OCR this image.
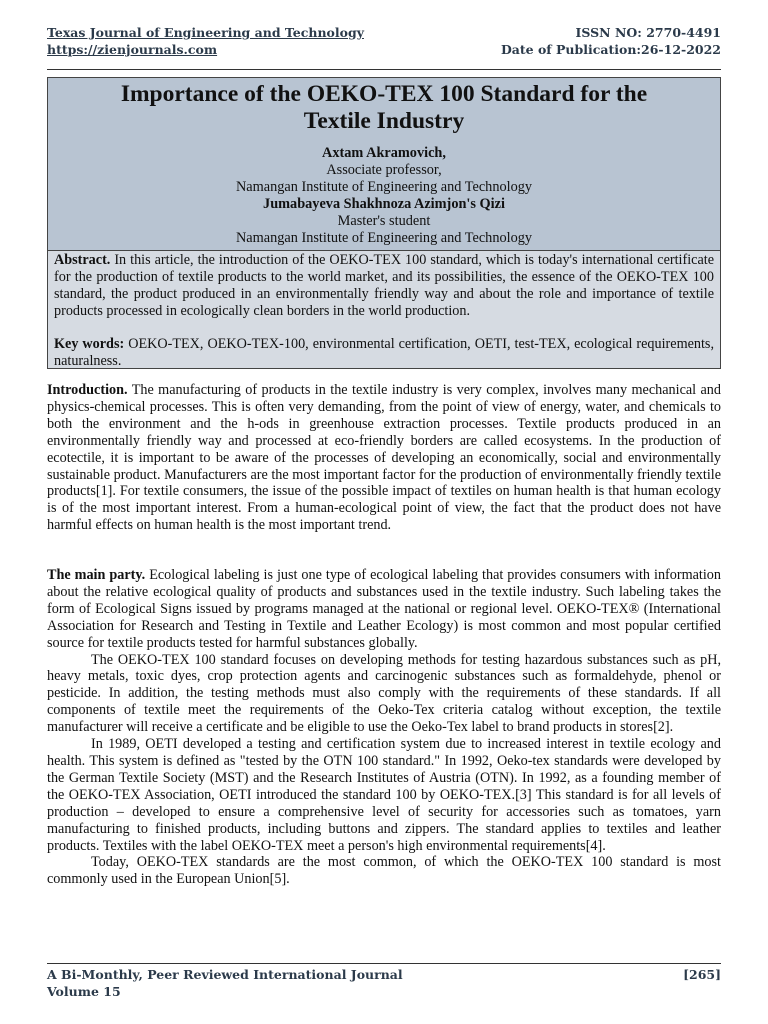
Texas Journal of Engineering and Technology
https://zienjournals.com
ISSN NO: 2770-4491
Date of Publication:26-12-2022
Importance of the OEKO-TEX 100 Standard for the
Textile Industry
Axtam Akramovich,
Associate professor,
Namangan Institute of Engineering and Technology
Jumabayeva Shakhnoza Azimjon's Qizi
Master's student
Namangan Institute of Engineering and Technology

Abstract. In this article, the introduction of the OEKO-TEX 100 standard, which is today's international certificate for the production of textile products to the world market, and its possibilities, the essence of the OEKO-TEX 100 standard, the product produced in an environmentally friendly way and about the role and importance of textile products processed in ecologically clean borders in the world production.

Key words: OEKO-TEX, OEKO-TEX-100, environmental certification, OETI, test-TEX, ecological requirements, naturalness.

Introduction. The manufacturing of products in the textile industry is very complex, involves many mechanical and physics-chemical processes. This is often very demanding, from the point of view of energy, water, and chemicals to both the environment and the h-ods in greenhouse extraction processes. Textile products produced in an environmentally friendly way and processed at eco-friendly borders are called ecosystems. In the production of ecotectile, it is important to be aware of the processes of developing an economically, social and environmentally sustainable product. Manufacturers are the most important factor for the production of environmentally friendly textile products[1]. For textile consumers, the issue of the possible impact of textiles on human health is that human ecology is of the most important interest. From a human-ecological point of view, the fact that the product does not have harmful effects on human health is the most important trend.

The main party. Ecological labeling is just one type of ecological labeling that provides consumers with information about the relative ecological quality of products and substances used in the textile industry. Such labeling takes the form of Ecological Signs issued by programs managed at the national or regional level. OEKO-TEX® (International Association for Research and Testing in Textile and Leather Ecology) is most common and most popular certified source for textile products tested for harmful substances globally.

The OEKO-TEX 100 standard focuses on developing methods for testing hazardous substances such as pH, heavy metals, toxic dyes, crop protection agents and carcinogenic substances such as formaldehyde, phenol or pesticide. In addition, the testing methods must also comply with the requirements of these standards. If all components of textile meet the requirements of the Oeko-Tex criteria catalog without exception, the textile manufacturer will receive a certificate and be eligible to use the Oeko-Tex label to brand products in stores[2].

In 1989, OETI developed a testing and certification system due to increased interest in textile ecology and health. This system is defined as "tested by the OTN 100 standard." In 1992, Oeko-tex standards were developed by the German Textile Society (MST) and the Research Institutes of Austria (OTN). In 1992, as a founding member of the OEKO-TEX Association, OETI introduced the standard 100 by OEKO-TEX.[3] This standard is for all levels of production – developed to ensure a comprehensive level of security for accessories such as tomatoes, yarn manufacturing to finished products, including buttons and zippers. The standard applies to textiles and leather products. Textiles with the label OEKO-TEX meet a person's high environmental requirements[4].

Today, OEKO-TEX standards are the most common, of which the OEKO-TEX 100 standard is most commonly used in the European Union[5].

A Bi-Monthly, Peer Reviewed International Journal
Volume 15
[265]
